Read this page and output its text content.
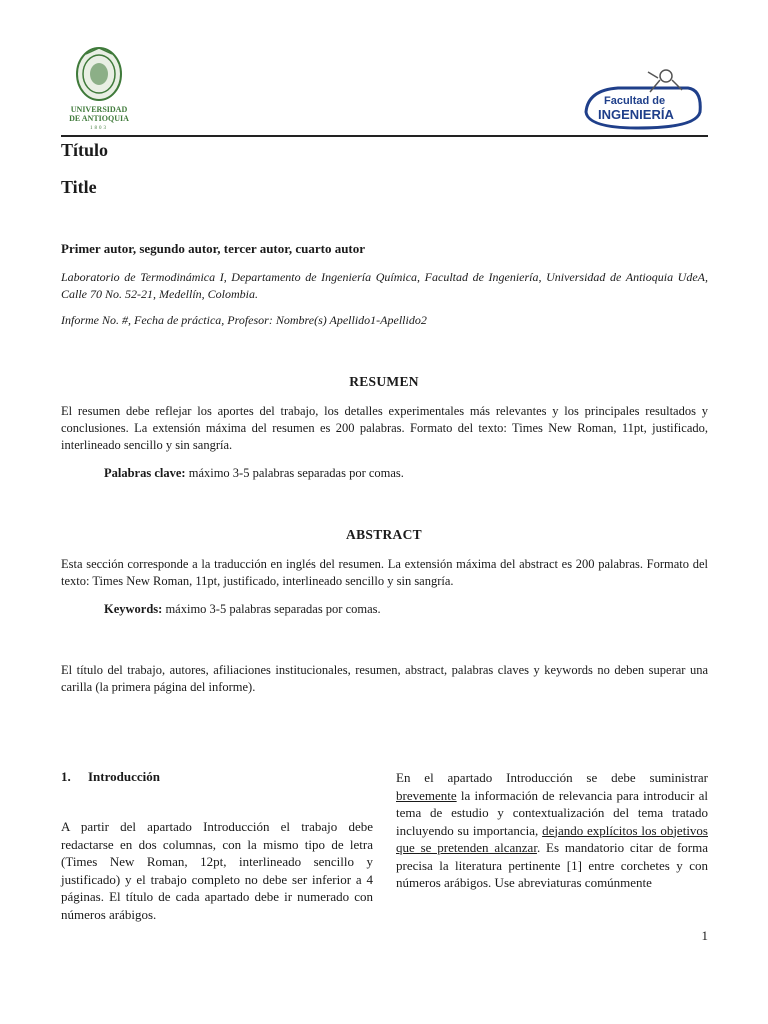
UNIVERSIDAD
DE ANTIOQUIA
1803
Facultad de
INGENIERÍA
Título
Title
Primer autor, segundo autor, tercer autor, cuarto autor
Laboratorio de Termodinámica I, Departamento de Ingeniería Química, Facultad de Ingeniería, Universidad de Antioquia UdeA, Calle 70 No. 52-21, Medellín, Colombia.
Informe No. #, Fecha de práctica, Profesor: Nombre(s) Apellido1-Apellido2
RESUMEN
El resumen debe reflejar los aportes del trabajo, los detalles experimentales más relevantes y los principales resultados y conclusiones. La extensión máxima del resumen es 200 palabras. Formato del texto: Times New Roman, 11pt, justificado, interlineado sencillo y sin sangría.
Palabras clave: máximo 3-5 palabras separadas por comas.
ABSTRACT
Esta sección corresponde a la traducción en inglés del resumen. La extensión máxima del abstract es 200 palabras. Formato del texto: Times New Roman, 11pt, justificado, interlineado sencillo y sin sangría.
Keywords: máximo 3-5 palabras separadas por comas.
El título del trabajo, autores, afiliaciones institucionales, resumen, abstract, palabras claves y keywords no deben superar una carilla (la primera página del informe).
1. Introducción
A partir del apartado Introducción el trabajo debe redactarse en dos columnas, con la mismo tipo de letra (Times New Roman, 12pt, interlineado sencillo y justificado) y el trabajo completo no debe ser inferior a 4 páginas. El título de cada apartado debe ir numerado con números arábigos.
En el apartado Introducción se debe suministrar brevemente la información de relevancia para introducir al tema de estudio y contextualización del tema tratado incluyendo su importancia, dejando explícitos los objetivos que se pretenden alcanzar. Es mandatorio citar de forma precisa la literatura pertinente [1] entre corchetes y con números arábigos. Use abreviaturas comúnmente
1
